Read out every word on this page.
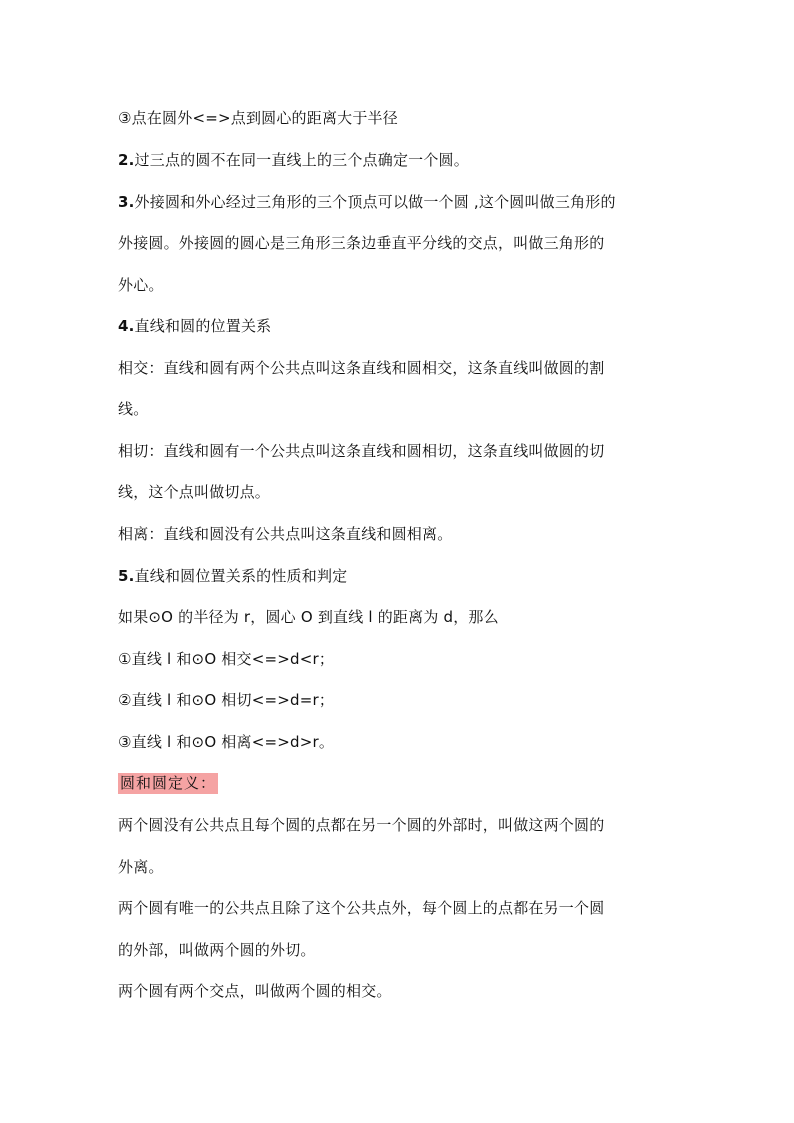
③点在圆外<=>点到圆心的距离大于半径
2.过三点的圆不在同一直线上的三个点确定一个圆。
3.外接圆和外心经过三角形的三个顶点可以做一个圆 ,这个圆叫做三角形的
外接圆。外接圆的圆心是三角形三条边垂直平分线的交点，叫做三角形的
外心。
4.直线和圆的位置关系
相交：直线和圆有两个公共点叫这条直线和圆相交，这条直线叫做圆的割
线。
相切：直线和圆有一个公共点叫这条直线和圆相切，这条直线叫做圆的切
线，这个点叫做切点。
相离：直线和圆没有公共点叫这条直线和圆相离。
5.直线和圆位置关系的性质和判定
如果⊙O 的半径为 r，圆心 O 到直线 l 的距离为 d，那么
①直线 l 和⊙O 相交<=>d<r；
②直线 l 和⊙O 相切<=>d=r；
③直线 l 和⊙O 相离<=>d>r。
圆和圆定义：
两个圆没有公共点且每个圆的点都在另一个圆的外部时，叫做这两个圆的
外离。
两个圆有唯一的公共点且除了这个公共点外，每个圆上的点都在另一个圆
的外部，叫做两个圆的外切。
两个圆有两个交点，叫做两个圆的相交。
